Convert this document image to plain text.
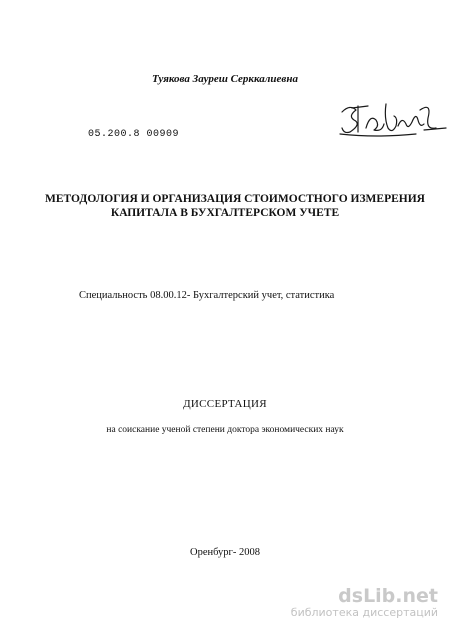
Туякова Зауреш Серккалиевна
05.200.8 00909
МЕТОДОЛОГИЯ И ОРГАНИЗАЦИЯ СТОИМОСТНОГО ИЗМЕРЕНИЯ
КАПИТАЛА В БУХГАЛТЕРСКОМ УЧЕТЕ
Специальность 08.00.12- Бухгалтерский учет, статистика
ДИССЕРТАЦИЯ
на соискание ученой степени доктора экономических наук
Оренбург- 2008
dsLib.net
библиотека диссертаций
